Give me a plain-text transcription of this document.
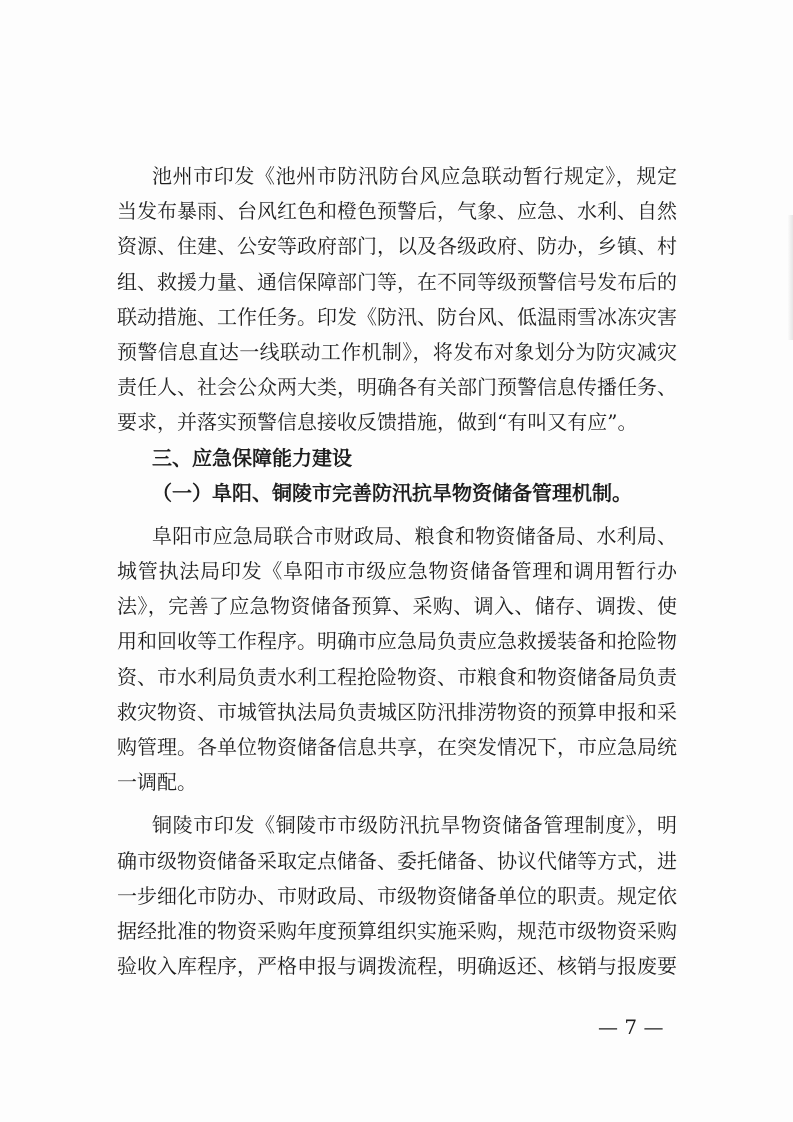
池州市印发《池州市防汛防台风应急联动暂行规定》，规定
当发布暴雨、台风红色和橙色预警后，气象、应急、水利、自然
资源、住建、公安等政府部门，以及各级政府、防办，乡镇、村
组、救援力量、通信保障部门等，在不同等级预警信号发布后的
联动措施、工作任务。印发《防汛、防台风、低温雨雪冰冻灾害
预警信息直达一线联动工作机制》，将发布对象划分为防灾减灾
责任人、社会公众两大类，明确各有关部门预警信息传播任务、
要求，并落实预警信息接收反馈措施，做到“有叫又有应”。
三、应急保障能力建设
（一）阜阳、铜陵市完善防汛抗旱物资储备管理机制。
阜阳市应急局联合市财政局、粮食和物资储备局、水利局、
城管执法局印发《阜阳市市级应急物资储备管理和调用暂行办
法》，完善了应急物资储备预算、采购、调入、储存、调拨、使
用和回收等工作程序。明确市应急局负责应急救援装备和抢险物
资、市水利局负责水利工程抢险物资、市粮食和物资储备局负责
救灾物资、市城管执法局负责城区防汛排涝物资的预算申报和采
购管理。各单位物资储备信息共享，在突发情况下，市应急局统
一调配。
铜陵市印发《铜陵市市级防汛抗旱物资储备管理制度》，明
确市级物资储备采取定点储备、委托储备、协议代储等方式，进
一步细化市防办、市财政局、市级物资储备单位的职责。规定依
据经批准的物资采购年度预算组织实施采购，规范市级物资采购
验收入库程序，严格申报与调拨流程，明确返还、核销与报废要
— 7 —
